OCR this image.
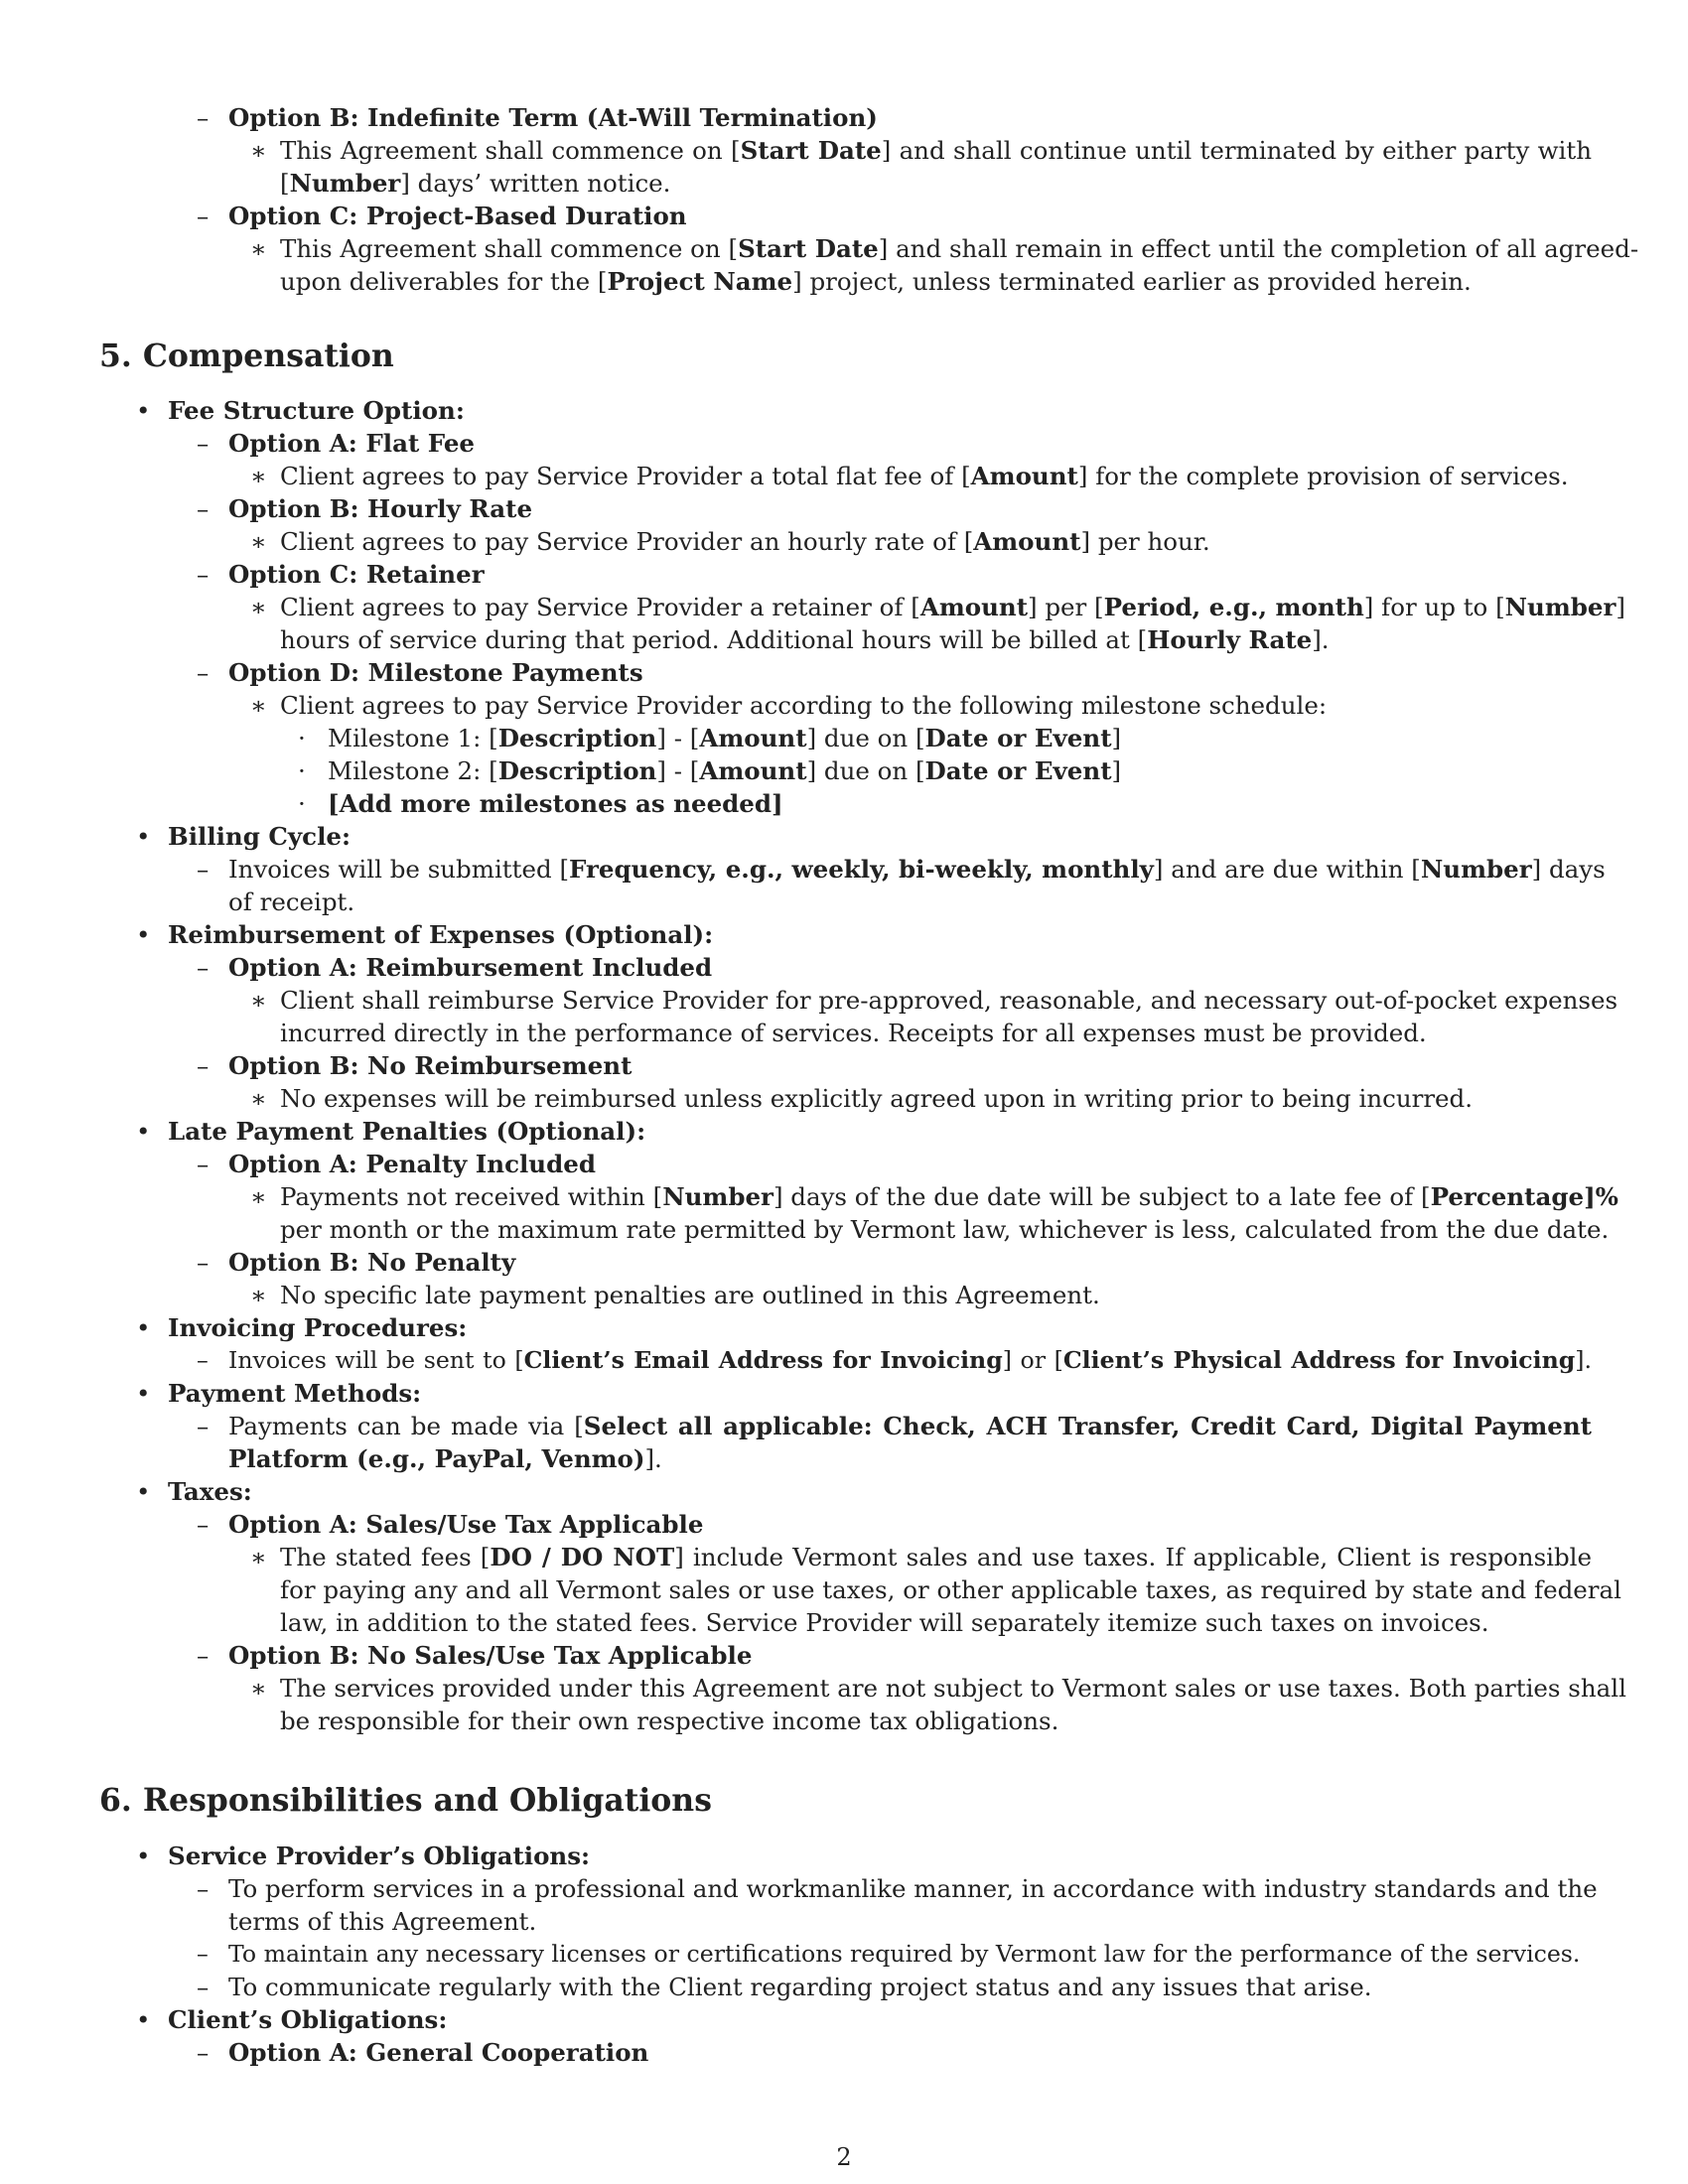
– Option B: Indefinite Term (At-Will Termination)
∗ This Agreement shall commence on [Start Date] and shall continue until terminated by either party with
[Number] days’ written notice.
– Option C: Project-Based Duration
∗ This Agreement shall commence on [Start Date] and shall remain in effect until the completion of all agreed-
upon deliverables for the [Project Name] project, unless terminated earlier as provided herein.
5. Compensation
• Fee Structure Option:
– Option A: Flat Fee
∗ Client agrees to pay Service Provider a total flat fee of [Amount] for the complete provision of services.
– Option B: Hourly Rate
∗ Client agrees to pay Service Provider an hourly rate of [Amount] per hour.
– Option C: Retainer
∗ Client agrees to pay Service Provider a retainer of [Amount] per [Period, e.g., month] for up to [Number]
hours of service during that period. Additional hours will be billed at [Hourly Rate].
– Option D: Milestone Payments
∗ Client agrees to pay Service Provider according to the following milestone schedule:
· Milestone 1: [Description] - [Amount] due on [Date or Event]
· Milestone 2: [Description] - [Amount] due on [Date or Event]
· [Add more milestones as needed]
• Billing Cycle:
– Invoices will be submitted [Frequency, e.g., weekly, bi-weekly, monthly] and are due within [Number] days
of receipt.
• Reimbursement of Expenses (Optional):
– Option A: Reimbursement Included
∗ Client shall reimburse Service Provider for pre-approved, reasonable, and necessary out-of-pocket expenses
incurred directly in the performance of services. Receipts for all expenses must be provided.
– Option B: No Reimbursement
∗ No expenses will be reimbursed unless explicitly agreed upon in writing prior to being incurred.
• Late Payment Penalties (Optional):
– Option A: Penalty Included
∗ Payments not received within [Number] days of the due date will be subject to a late fee of [Percentage]%
per month or the maximum rate permitted by Vermont law, whichever is less, calculated from the due date.
– Option B: No Penalty
∗ No specific late payment penalties are outlined in this Agreement.
• Invoicing Procedures:
– Invoices will be sent to [Client’s Email Address for Invoicing] or [Client’s Physical Address for Invoicing].
• Payment Methods:
– Payments can be made via [Select all applicable: Check, ACH Transfer, Credit Card, Digital Payment
Platform (e.g., PayPal, Venmo)].
• Taxes:
– Option A: Sales/Use Tax Applicable
∗ The stated fees [DO / DO NOT] include Vermont sales and use taxes. If applicable, Client is responsible
for paying any and all Vermont sales or use taxes, or other applicable taxes, as required by state and federal
law, in addition to the stated fees. Service Provider will separately itemize such taxes on invoices.
– Option B: No Sales/Use Tax Applicable
∗ The services provided under this Agreement are not subject to Vermont sales or use taxes. Both parties shall
be responsible for their own respective income tax obligations.
6. Responsibilities and Obligations
• Service Provider’s Obligations:
– To perform services in a professional and workmanlike manner, in accordance with industry standards and the
terms of this Agreement.
– To maintain any necessary licenses or certifications required by Vermont law for the performance of the services.
– To communicate regularly with the Client regarding project status and any issues that arise.
• Client’s Obligations:
– Option A: General Cooperation
2
